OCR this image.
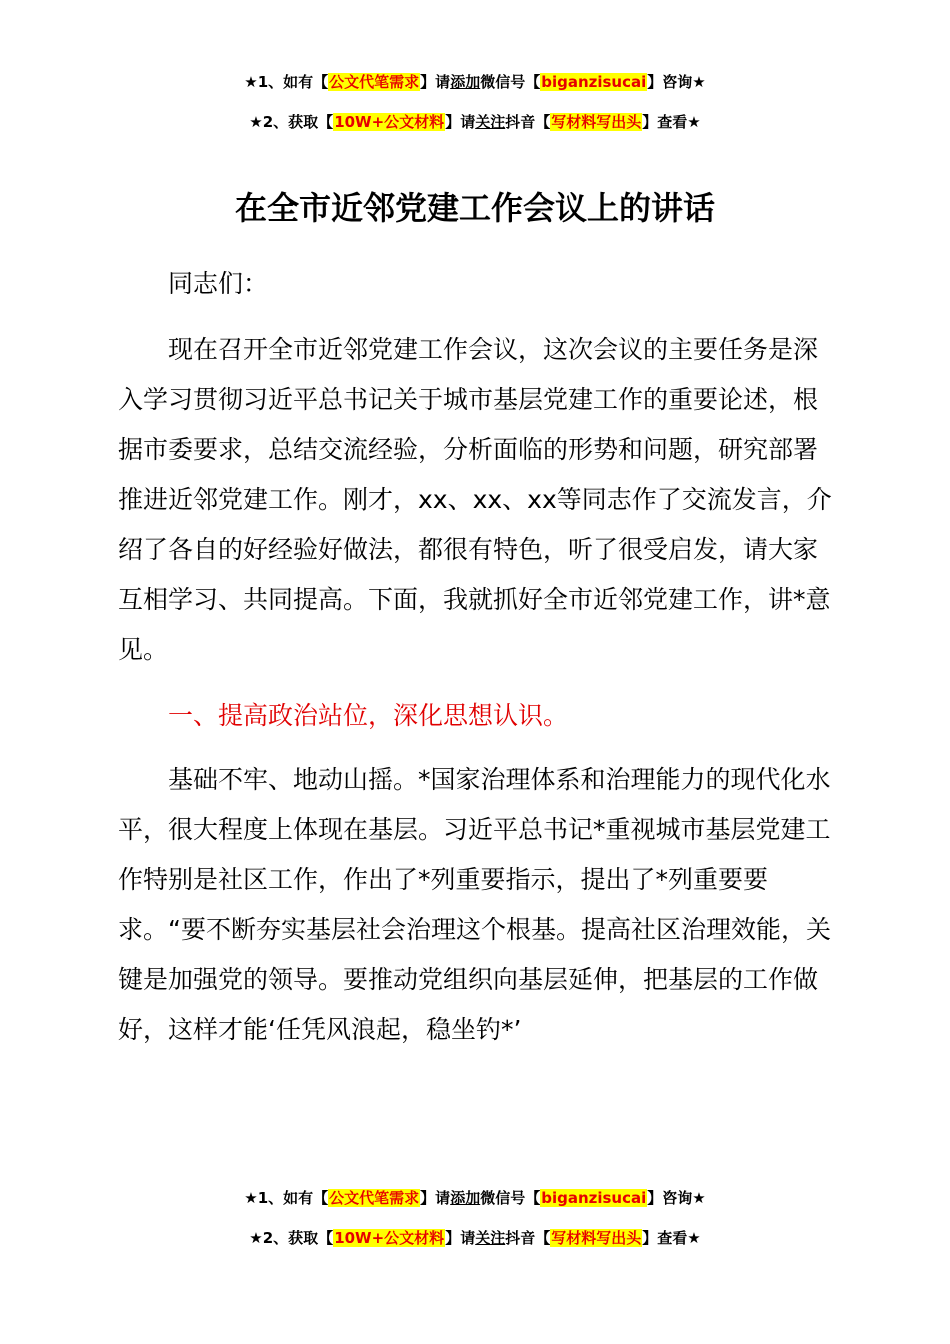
★1、如有【公文代笔需求】请添加微信号【biganzisucai】咨询★
★2、获取【10W+公文材料】请关注抖音【写材料写出头】查看★
在全市近邻党建工作会议上的讲话

同志们：

现在召开全市近邻党建工作会议，这次会议的主要任务是深入学习贯彻习近平总书记关于城市基层党建工作的重要论述，根据市委要求，总结交流经验，分析面临的形势和问题，研究部署推进近邻党建工作。刚才，xx、xx、xx等同志作了交流发言，介绍了各自的好经验好做法，都很有特色，听了很受启发，请大家互相学习、共同提高。下面，我就抓好全市近邻党建工作，讲*意见。

一、提高政治站位，深化思想认识。

基础不牢、地动山摇。*国家治理体系和治理能力的现代化水平，很大程度上体现在基层。习近平总书记*重视城市基层党建工作特别是社区工作，作出了*列重要指示，提出了*列重要要求。“要不断夯实基层社会治理这个根基。提高社区治理效能，关键是加强党的领导。要推动党组织向基层延伸，把基层的工作做好，这样才能‘任凭风浪起，稳坐钓*’

★1、如有【公文代笔需求】请添加微信号【biganzisucai】咨询★
★2、获取【10W+公文材料】请关注抖音【写材料写出头】查看★
